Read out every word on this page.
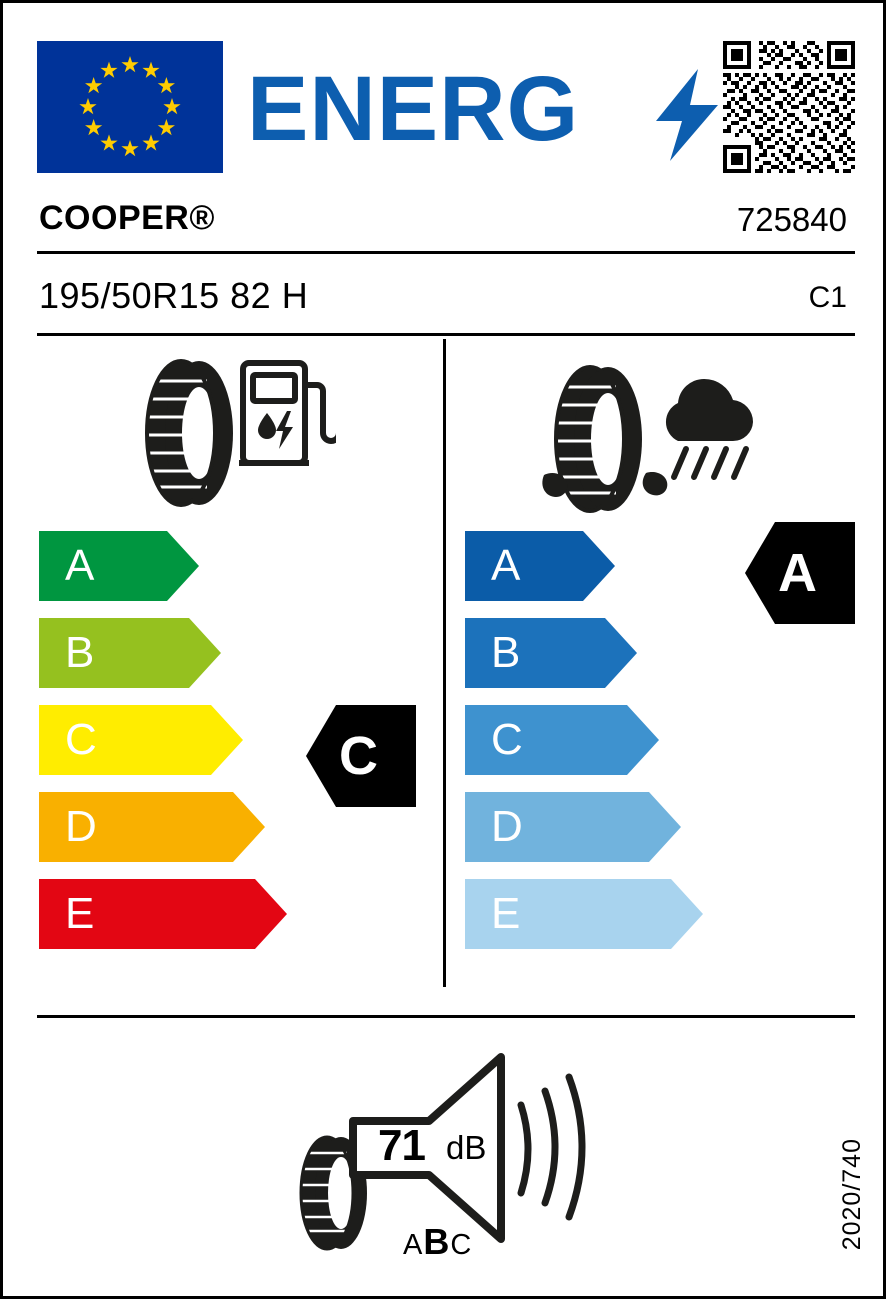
ENERG
COOPER®	725840
195/50R15 82 H	C1
A
B
C
D
E
A
B
C
D
E
C
A
71 dB
ABC	2020/740
